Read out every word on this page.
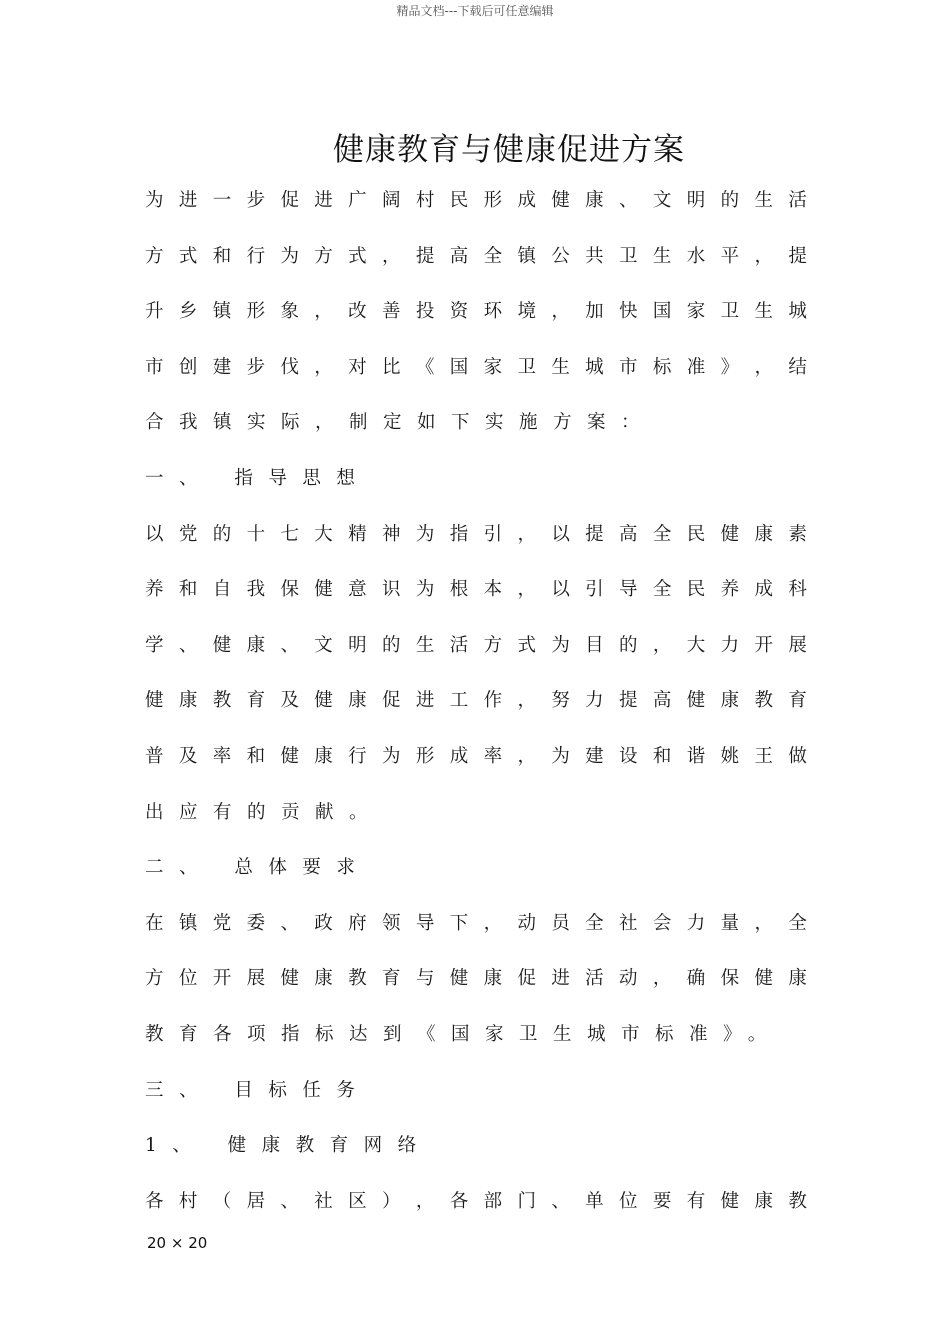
精品文档---下载后可任意编辑
健康教育与健康促进方案
为 进 一 步 促 进 广 阔 村 民 形 成 健 康 、 文 明 的 生 活
方 式 和 行 为 方 式 ， 提 高 全 镇 公 共 卫 生 水 平 ， 提
升 乡 镇 形 象 ， 改 善 投 资 环 境 ， 加 快 国 家 卫 生 城
市 创 建 步 伐 ， 对 比 《 国 家 卫 生 城 市 标 准 》 ， 结
合我镇实际，制定如下实施方案：
一、 指导思想
以 党 的 十 七 大 精 神 为 指 引 ， 以 提 高 全 民 健 康 素
养 和 自 我 保 健 意 识 为 根 本 ， 以 引 导 全 民 养 成 科
学 、 健 康 、 文 明 的 生 活 方 式 为 目 的 ， 大 力 开 展
健 康 教 育 及 健 康 促 进 工 作 ， 努 力 提 高 健 康 教 育
普 及 率 和 健 康 行 为 形 成 率 ， 为 建 设 和 谐 姚 王 做
出应有的贡献。
二、 总体要求
在 镇 党 委 、 政 府 领 导 下 ， 动 员 全 社 会 力 量 ， 全
方 位 开 展 健 康 教 育 与 健 康 促 进 活 动 ， 确 保 健 康
教育各项指标达到《国家卫生城市标准》。
三、 目标任务
1、 健康教育网络
各 村 （ 居 、 社 区 ） ， 各 部 门 、 单 位 要 有 健 康 教
20 × 20
